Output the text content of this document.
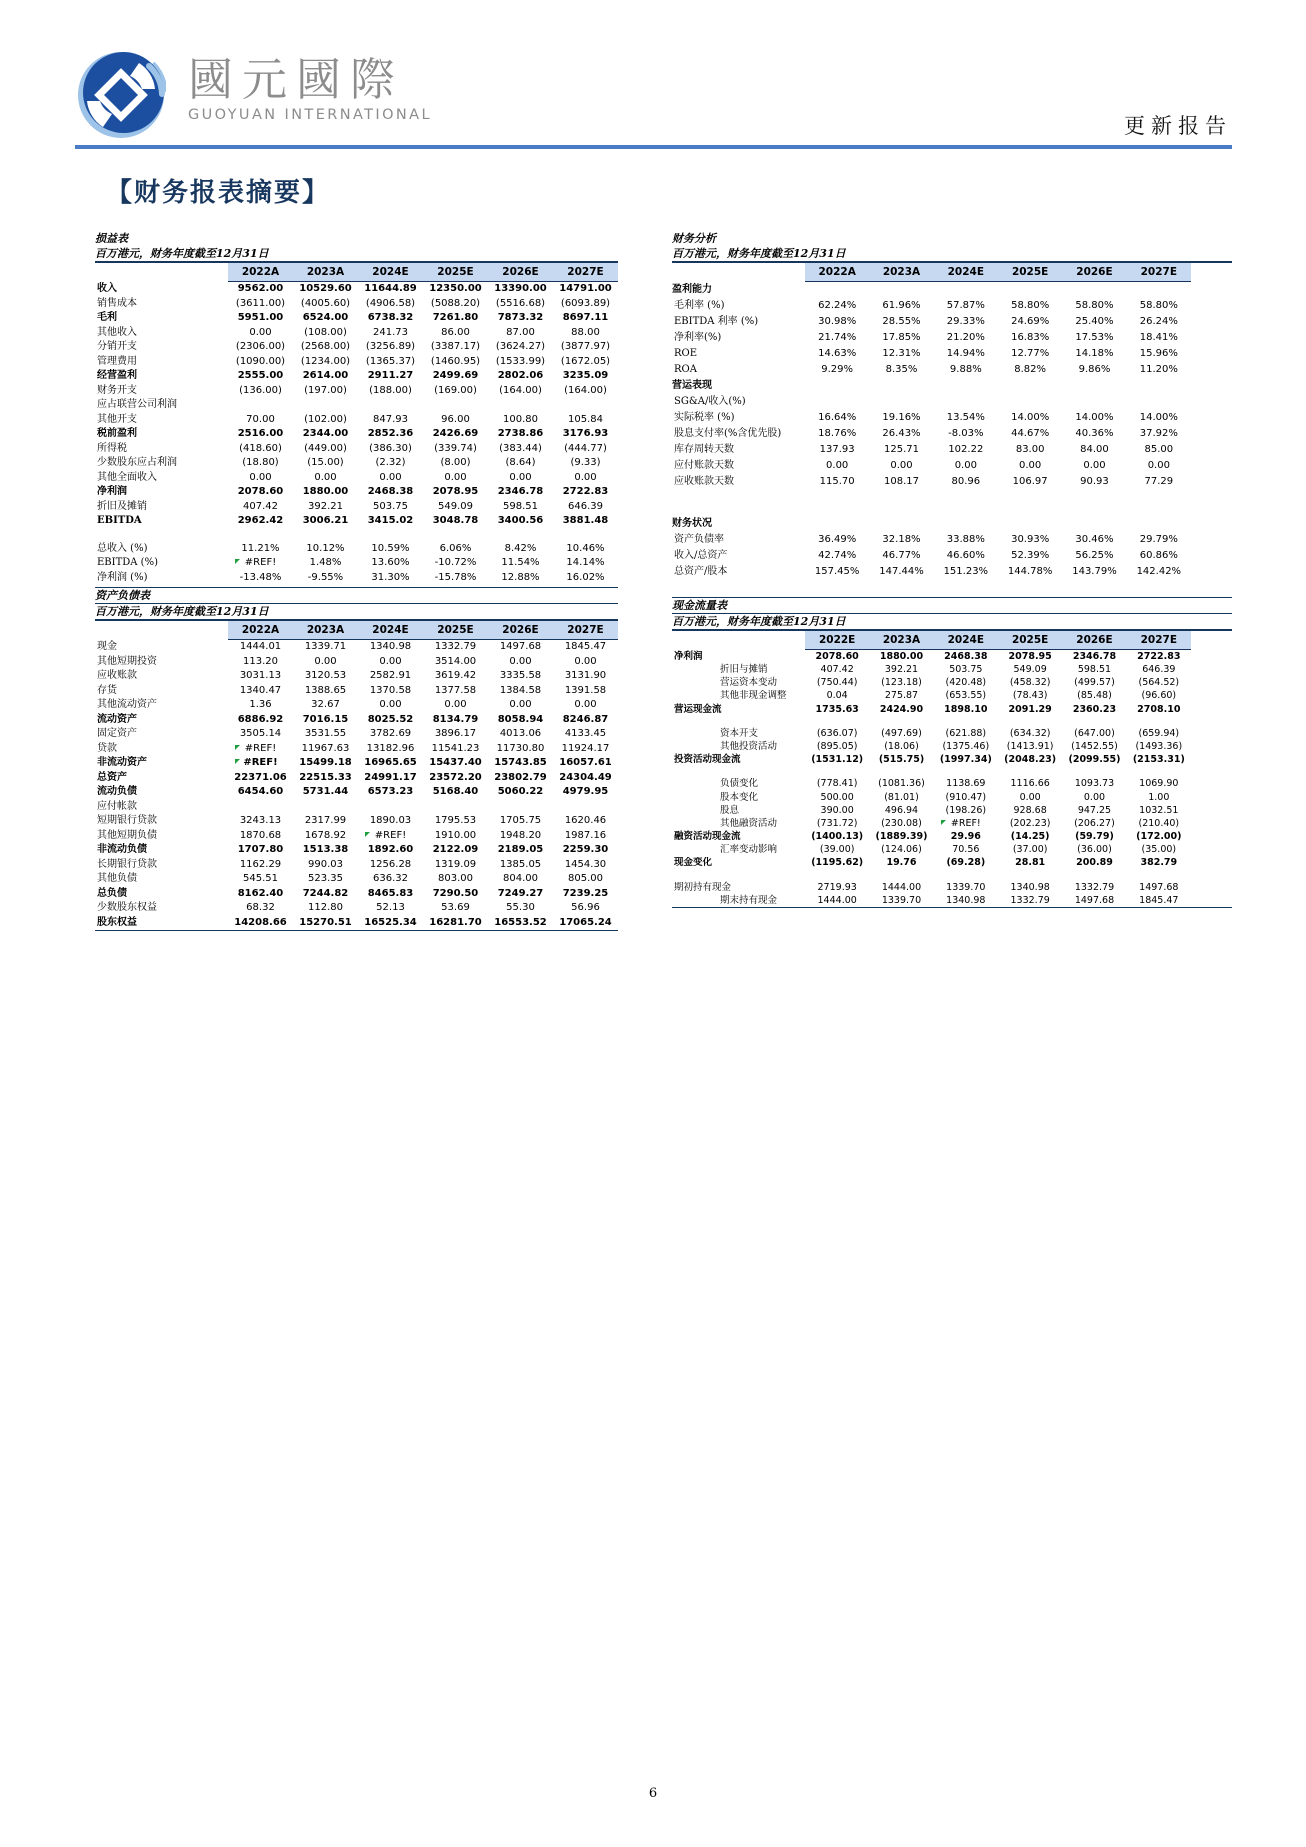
國元國際
GUOYUAN INTERNATIONAL	更新报告
【财务报表摘要】
损益表
百万港元，财务年度截至12月31日
	2022A	2023A	2024E	2025E	2026E	2027E
收入	9562.00	10529.60	11644.89	12350.00	13390.00	14791.00
销售成本	(3611.00)	(4005.60)	(4906.58)	(5088.20)	(5516.68)	(6093.89)
毛利	5951.00	6524.00	6738.32	7261.80	7873.32	8697.11
其他收入	0.00	(108.00)	241.73	86.00	87.00	88.00
分销开支	(2306.00)	(2568.00)	(3256.89)	(3387.17)	(3624.27)	(3877.97)
管理费用	(1090.00)	(1234.00)	(1365.37)	(1460.95)	(1533.99)	(1672.05)
经营盈利	2555.00	2614.00	2911.27	2499.69	2802.06	3235.09
财务开支	(136.00)	(197.00)	(188.00)	(169.00)	(164.00)	(164.00)
应占联营公司利润						
其他开支	70.00	(102.00)	847.93	96.00	100.80	105.84
税前盈利	2516.00	2344.00	2852.36	2426.69	2738.86	3176.93
所得税	(418.60)	(449.00)	(386.30)	(339.74)	(383.44)	(444.77)
少数股东应占利润	(18.80)	(15.00)	(2.32)	(8.00)	(8.64)	(9.33)
其他全面收入	0.00	0.00	0.00	0.00	0.00	0.00
净利润	2078.60	1880.00	2468.38	2078.95	2346.78	2722.83
折旧及摊销	407.42	392.21	503.75	549.09	598.51	646.39
EBITDA	2962.42	3006.21	3415.02	3048.78	3400.56	3881.48

总收入 (%)	11.21%	10.12%	10.59%	6.06%	8.42%	10.46%
EBITDA (%)	#REF!	1.48%	13.60%	-10.72%	11.54%	14.14%
净利润 (%)	-13.48%	-9.55%	31.30%	-15.78%	12.88%	16.02%
资产负债表
百万港元，财务年度截至12月31日
	2022A	2023A	2024E	2025E	2026E	2027E
现金	1444.01	1339.71	1340.98	1332.79	1497.68	1845.47
其他短期投资	113.20	0.00	0.00	3514.00	0.00	0.00
应收账款	3031.13	3120.53	2582.91	3619.42	3335.58	3131.90
存货	1340.47	1388.65	1370.58	1377.58	1384.58	1391.58
其他流动资产	1.36	32.67	0.00	0.00	0.00	0.00
流动资产	6886.92	7016.15	8025.52	8134.79	8058.94	8246.87
固定资产	3505.14	3531.55	3782.69	3896.17	4013.06	4133.45
贷款	#REF!	11967.63	13182.96	11541.23	11730.80	11924.17
非流动资产	#REF!	15499.18	16965.65	15437.40	15743.85	16057.61
总资产	22371.06	22515.33	24991.17	23572.20	23802.79	24304.49
流动负债	6454.60	5731.44	6573.23	5168.40	5060.22	4979.95
应付帐款						
短期银行贷款	3243.13	2317.99	1890.03	1795.53	1705.75	1620.46
其他短期负债	1870.68	1678.92	#REF!	1910.00	1948.20	1987.16
非流动负债	1707.80	1513.38	1892.60	2122.09	2189.05	2259.30
长期银行贷款	1162.29	990.03	1256.28	1319.09	1385.05	1454.30
其他负债	545.51	523.35	636.32	803.00	804.00	805.00
总负债	8162.40	7244.82	8465.83	7290.50	7249.27	7239.25
少数股东权益	68.32	112.80	52.13	53.69	55.30	56.96
股东权益	14208.66	15270.51	16525.34	16281.70	16553.52	17065.24
财务分析
百万港元，财务年度截至12月31日
	2022A	2023A	2024E	2025E	2026E	2027E
盈利能力						
毛利率 (%)	62.24%	61.96%	57.87%	58.80%	58.80%	58.80%
EBITDA 利率 (%)	30.98%	28.55%	29.33%	24.69%	25.40%	26.24%
净利率(%)	21.74%	17.85%	21.20%	16.83%	17.53%	18.41%
ROE	14.63%	12.31%	14.94%	12.77%	14.18%	15.96%
ROA	9.29%	8.35%	9.88%	8.82%	9.86%	11.20%
营运表现						
SG&A/收入(%)						
实际税率 (%)	16.64%	19.16%	13.54%	14.00%	14.00%	14.00%
股息支付率(%含优先股)	18.76%	26.43%	-8.03%	44.67%	40.36%	37.92%
库存周转天数	137.93	125.71	102.22	83.00	84.00	85.00
应付账款天数	0.00	0.00	0.00	0.00	0.00	0.00
应收账款天数	115.70	108.17	80.96	106.97	90.93	77.29

财务状况						
资产负债率	36.49%	32.18%	33.88%	30.93%	30.46%	29.79%
收入/总资产	42.74%	46.77%	46.60%	52.39%	56.25%	60.86%
总资产/股本	157.45%	147.44%	151.23%	144.78%	143.79%	142.42%
现金流量表
百万港元，财务年度截至12月31日
	2022E	2023A	2024E	2025E	2026E	2027E
净利润	2078.60	1880.00	2468.38	2078.95	2346.78	2722.83
折旧与摊销	407.42	392.21	503.75	549.09	598.51	646.39
营运资本变动	(750.44)	(123.18)	(420.48)	(458.32)	(499.57)	(564.52)
其他非现金调整	0.04	275.87	(653.55)	(78.43)	(85.48)	(96.60)
营运现金流	1735.63	2424.90	1898.10	2091.29	2360.23	2708.10

资本开支	(636.07)	(497.69)	(621.88)	(634.32)	(647.00)	(659.94)
其他投资活动	(895.05)	(18.06)	(1375.46)	(1413.91)	(1452.55)	(1493.36)
投资活动现金流	(1531.12)	(515.75)	(1997.34)	(2048.23)	(2099.55)	(2153.31)

负债变化	(778.41)	(1081.36)	1138.69	1116.66	1093.73	1069.90
股本变化	500.00	(81.01)	(910.47)	0.00	0.00	1.00
股息	390.00	496.94	(198.26)	928.68	947.25	1032.51
其他融资活动	(731.72)	(230.08)	#REF!	(202.23)	(206.27)	(210.40)
融资活动现金流	(1400.13)	(1889.39)	29.96	(14.25)	(59.79)	(172.00)
汇率变动影响	(39.00)	(124.06)	70.56	(37.00)	(36.00)	(35.00)
现金变化	(1195.62)	19.76	(69.28)	28.81	200.89	382.79

期初持有现金	2719.93	1444.00	1339.70	1340.98	1332.79	1497.68
期末持有现金	1444.00	1339.70	1340.98	1332.79	1497.68	1845.47
6
